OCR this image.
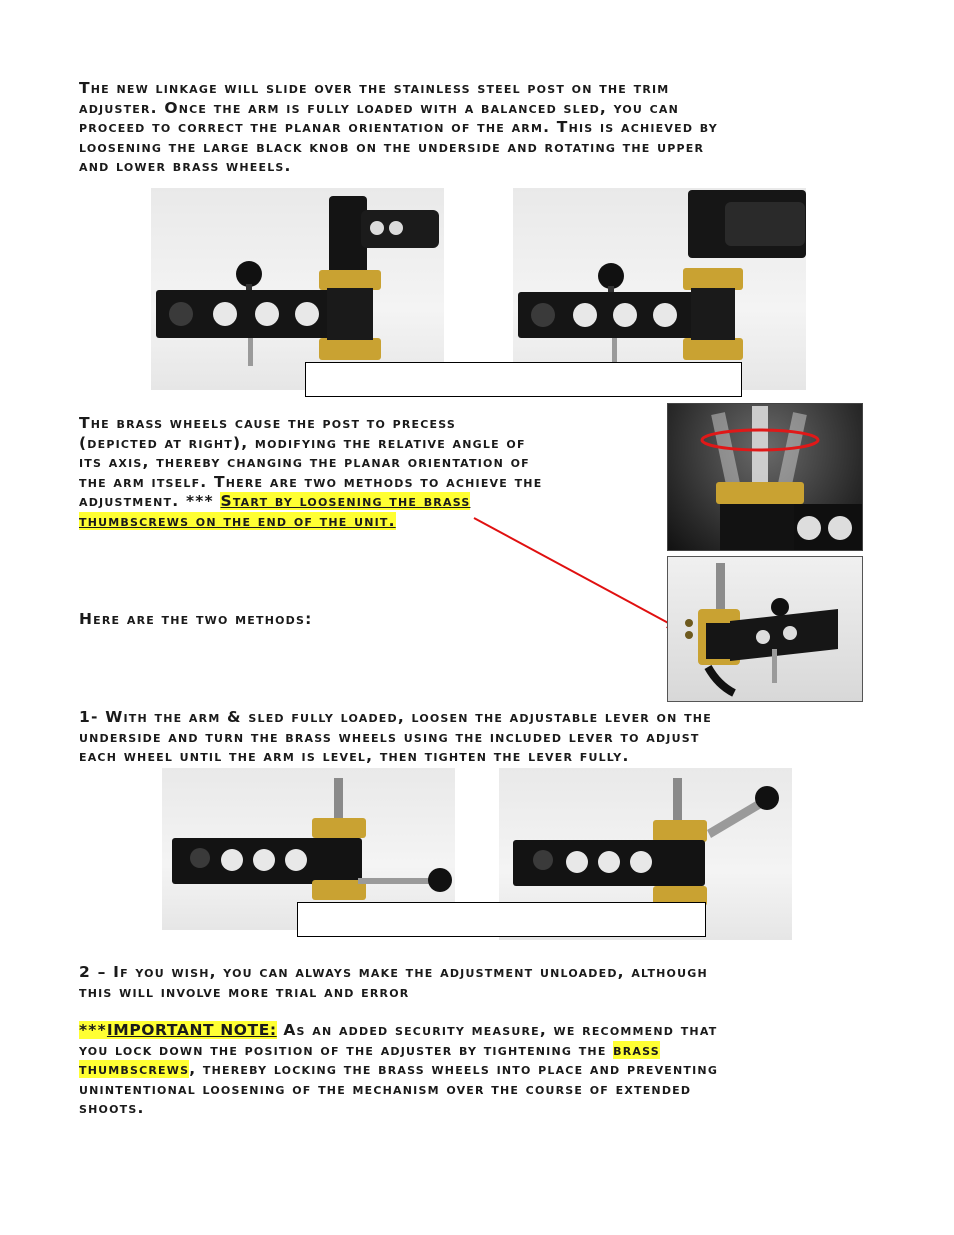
The new linkage will slide over the stainless steel post on the trim
adjuster. Once the arm is fully loaded with a balanced sled, you can
proceed to correct the planar orientation of the arm. This is achieved by
loosening the large black knob on the underside and rotating the upper
and lower brass wheels.
The brass wheels cause the post to precess
(depicted at right), modifying the relative angle of
its axis, thereby changing the planar orientation of
the arm itself. There are two methods to achieve the
adjustment. *** Start by loosening the brass
thumbscrews on the end of the unit.
Here are the two methods:
1- With the arm & sled fully loaded, loosen the adjustable lever on the
underside and turn the brass wheels using the included lever to adjust
each wheel until the arm is level, then tighten the lever fully.
2 – If you wish, you can always make the adjustment unloaded, although
this will involve more trial and error
***IMPORTANT NOTE: As an added security measure, we recommend that
you lock down the position of the adjuster by tightening the brass
thumbscrews, thereby locking the brass wheels into place and preventing
unintentional loosening of the mechanism over the course of extended
shoots.
